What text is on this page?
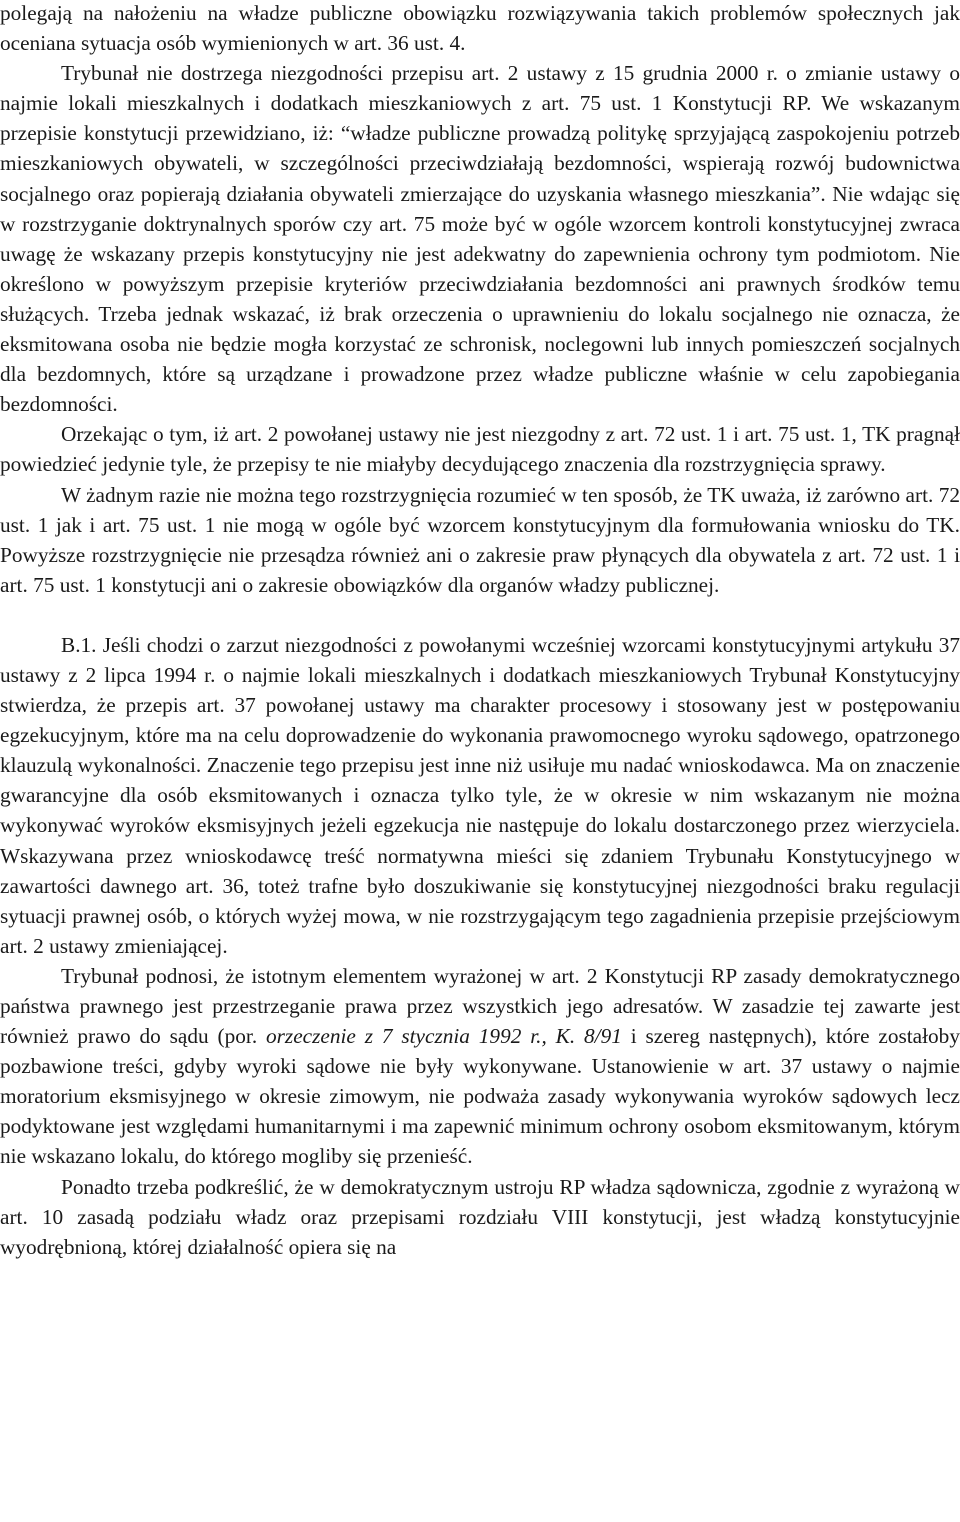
polegają na nałożeniu na władze publiczne obowiązku rozwiązywania takich problemów społecznych jak oceniana sytuacja osób wymienionych w art. 36 ust. 4.

Trybunał nie dostrzega niezgodności przepisu art. 2 ustawy z 15 grudnia 2000 r. o zmianie ustawy o najmie lokali mieszkalnych i dodatkach mieszkaniowych z art. 75 ust. 1 Konstytucji RP. We wskazanym przepisie konstytucji przewidziano, iż: “władze publiczne prowadzą politykę sprzyjającą zaspokojeniu potrzeb mieszkaniowych obywateli, w szczególności przeciwdziałają bezdomności, wspierają rozwój budownictwa socjalnego oraz popierają działania obywateli zmierzające do uzyskania własnego mieszkania”. Nie wdając się w rozstrzyganie doktrynalnych sporów czy art. 75 może być w ogóle wzorcem kontroli konstytucyjnej zwraca uwagę że wskazany przepis konstytucyjny nie jest adekwatny do zapewnienia ochrony tym podmiotom. Nie określono w powyższym przepisie kryteriów przeciwdziałania bezdomności ani prawnych środków temu służących. Trzeba jednak wskazać, iż brak orzeczenia o uprawnieniu do lokalu socjalnego nie oznacza, że eksmitowana osoba nie będzie mogła korzystać ze schronisk, noclegowni lub innych pomieszczeń socjalnych dla bezdomnych, które są urządzane i prowadzone przez władze publiczne właśnie w celu zapobiegania bezdomności.

Orzekając o tym, iż art. 2 powołanej ustawy nie jest niezgodny z art. 72 ust. 1 i art. 75 ust. 1, TK pragnął powiedzieć jedynie tyle, że przepisy te nie miałyby decydującego znaczenia dla rozstrzygnięcia sprawy.

W żadnym razie nie można tego rozstrzygnięcia rozumieć w ten sposób, że TK uważa, iż zarówno art. 72 ust. 1 jak i art. 75 ust. 1 nie mogą w ogóle być wzorcem konstytucyjnym dla formułowania wniosku do TK. Powyższe rozstrzygnięcie nie przesądza również ani o zakresie praw płynących dla obywatela z art. 72 ust. 1 i art. 75 ust. 1 konstytucji ani o zakresie obowiązków dla organów władzy publicznej.

B.1. Jeśli chodzi o zarzut niezgodności z powołanymi wcześniej wzorcami konstytucyjnymi artykułu 37 ustawy z 2 lipca 1994 r. o najmie lokali mieszkalnych i dodatkach mieszkaniowych Trybunał Konstytucyjny stwierdza, że przepis art. 37 powołanej ustawy ma charakter procesowy i stosowany jest w postępowaniu egzekucyjnym, które ma na celu doprowadzenie do wykonania prawomocnego wyroku sądowego, opatrzonego klauzulą wykonalności. Znaczenie tego przepisu jest inne niż usiłuje mu nadać wnioskodawca. Ma on znaczenie gwarancyjne dla osób eksmitowanych i oznacza tylko tyle, że w okresie w nim wskazanym nie można wykonywać wyroków eksmisyjnych jeżeli egzekucja nie następuje do lokalu dostarczonego przez wierzyciela. Wskazywana przez wnioskodawcę treść normatywna mieści się zdaniem Trybunału Konstytucyjnego w zawartości dawnego art. 36, toteż trafne było doszukiwanie się konstytucyjnej niezgodności braku regulacji sytuacji prawnej osób, o których wyżej mowa, w nie rozstrzygającym tego zagadnienia przepisie przejściowym art. 2 ustawy zmieniającej.

Trybunał podnosi, że istotnym elementem wyrażonej w art. 2 Konstytucji RP zasady demokratycznego państwa prawnego jest przestrzeganie prawa przez wszystkich jego adresatów. W zasadzie tej zawarte jest również prawo do sądu (por. orzeczenie z 7 stycznia 1992 r., K. 8/91 i szereg następnych), które zostałoby pozbawione treści, gdyby wyroki sądowe nie były wykonywane. Ustanowienie w art. 37 ustawy o najmie moratorium eksmisyjnego w okresie zimowym, nie podważa zasady wykonywania wyroków sądowych lecz podyktowane jest względami humanitarnymi i ma zapewnić minimum ochrony osobom eksmitowanym, którym nie wskazano lokalu, do którego mogliby się przenieść.

Ponadto trzeba podkreślić, że w demokratycznym ustroju RP władza sądownicza, zgodnie z wyrażoną w art. 10 zasadą podziału władz oraz przepisami rozdziału VIII konstytucji, jest władzą konstytucyjnie wyodrębnioną, której działalność opiera się na
